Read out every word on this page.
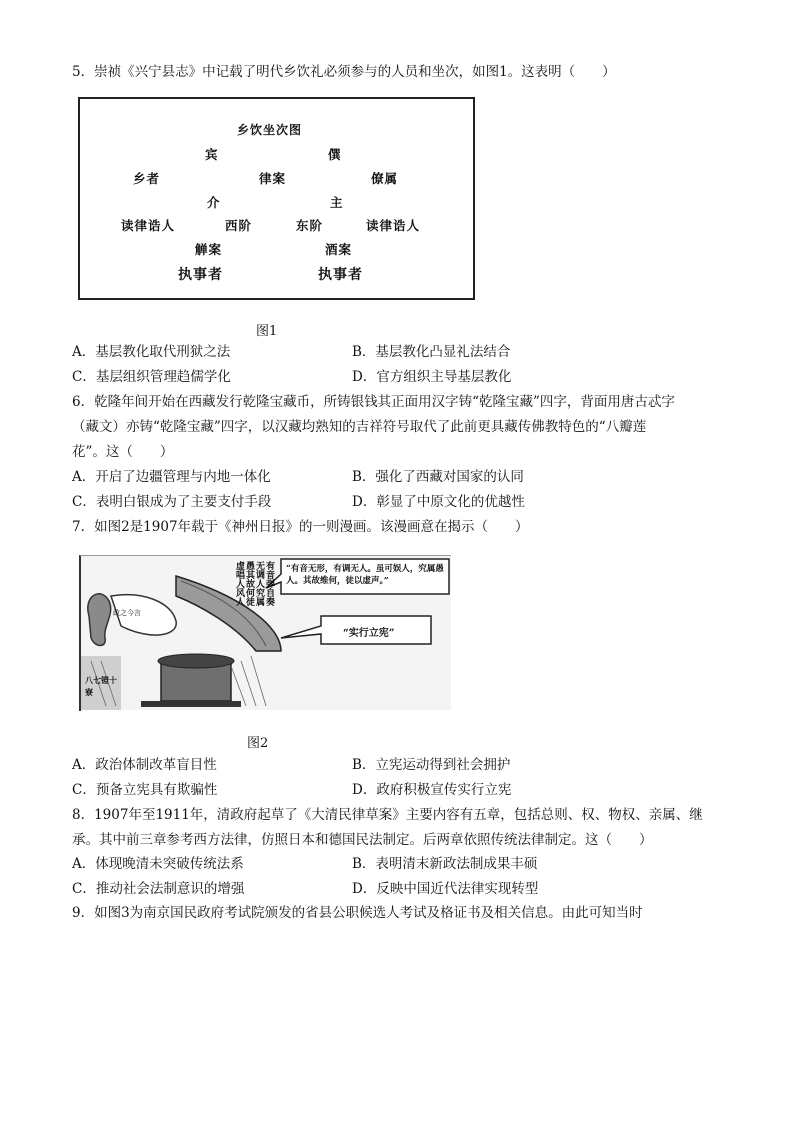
5．崇祯《兴宁县志》中记载了明代乡饮礼必须参与的人员和坐次，如图1。这表明（　　）
乡饮坐次图
宾	僎
乡者	律案	僚属
介	主
读律诰人	西阶	东阶	读律诰人
觯案	酒案
执事者	执事者
图1
A．基层教化取代刑狱之法	B．基层教化凸显礼法结合
C．基层组织管理趋儒学化	D．官方组织主导基层教化
6．乾隆年间开始在西藏发行乾隆宝藏币，所铸银钱其正面用汉字铸“乾隆宝藏”四字，背面用唐古忒字
（藏文）亦铸“乾隆宝藏”四字，以汉藏均熟知的吉祥符号取代了此前更具藏传佛教特色的“八瓣莲
花”。这（　　）
A．开启了边疆管理与内地一体化	B．强化了西藏对国家的认同
C．表明白银成为了主要支付手段	D．彰显了中原文化的优越性
7．如图2是1907年载于《神州日报》的一则漫画。该漫画意在揭示（　　）
有音弹自奏无调人究属愚其故何徒虚唱人风人
“有音无形，有调无人。虽可娱人，究属愚人。其故维何，徒以虚声。”
“实行立宪”
政之今言
八七镫十寮
图2
A．政治体制改革盲目性	B．立宪运动得到社会拥护
C．预备立宪具有欺骗性	D．政府积极宣传实行立宪
8．1907年至1911年，清政府起草了《大清民律草案》主要内容有五章，包括总则、权、物权、亲属、继
承。其中前三章参考西方法律，仿照日本和德国民法制定。后两章依照传统法律制定。这（　　）
A．体现晚清未突破传统法系	B．表明清末新政法制成果丰硕
C．推动社会法制意识的增强	D．反映中国近代法律实现转型
9．如图3为南京国民政府考试院颁发的省县公职候选人考试及格证书及相关信息。由此可知当时
